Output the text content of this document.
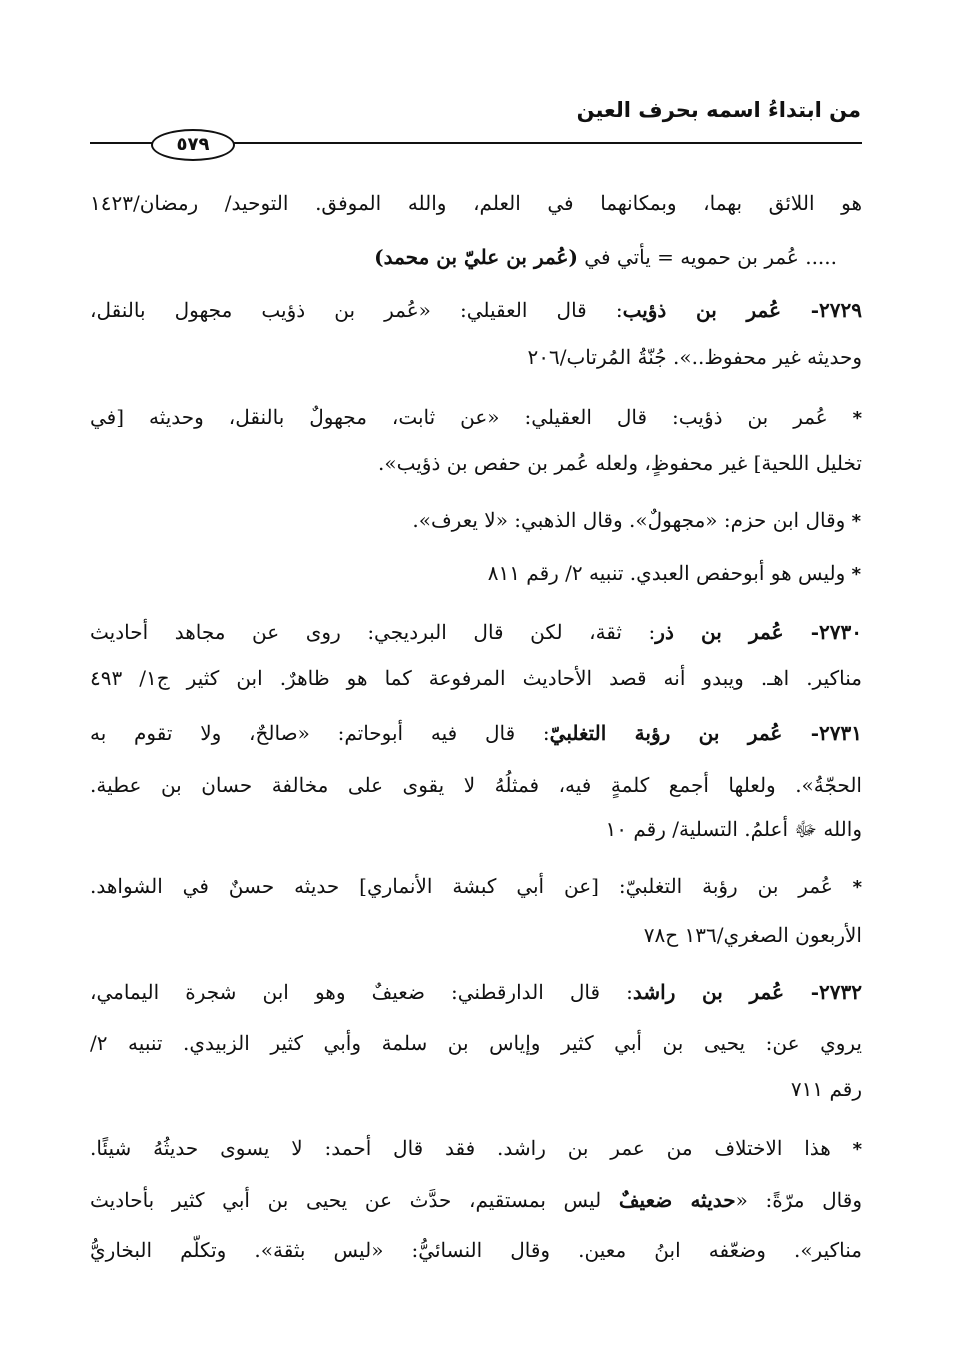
من ابتداءُ اسمه بحرف العين
٥٧٩
هو اللائق بهما، وبمكانهما في العلم، والله الموفق. التوحيد/ رمضان/١٤٢٣
..... عُمر بن حمويه = يأتي في (عُمر بن عليّ بن محمد)
٢٧٢٩- عُمر بن ذؤيب: قال العقيلي: «عُمر بن ذؤيب مجهول بالنقل،
وحديثه غير محفوظ..». جُنّةُ المُرتاب/٢٠٦
* عُمر بن ذؤيب: قال العقيلي: «عن ثابت، مجهولٌ بالنقل، وحديثه [في
تخليل اللحية] غير محفوظٍ، ولعله عُمر بن حفص بن ذؤيب».
* وقال ابن حزم: «مجهولٌ». وقال الذهبي: «لا يعرف».
* وليس هو أبوحفص العبدي. تنبيه ٢/ رقم ٨١١
٢٧٣٠- عُمر بن ذر: ثقة، لكن قال البرديجي: روى عن مجاهد أحاديث
مناكير. اهـ. ويبدو أنه قصد الأحاديث المرفوعة كما هو ظاهرٌ. ابن كثير ج١/ ٤٩٣
٢٧٣١- عُمر بن رؤبة التغلبيّ: قال فيه أبوحاتم: «صالحٌ، ولا تقوم به
الحجّةُ». ولعلها أجمع كلمةٍ فيه، فمثلُهُ لا يقوى على مخالفة حسان بن عطية.
والله ﷻ أعلمُ. التسلية/ رقم ١٠
* عُمر بن رؤبة التغلبيّ: [عن أبي كبشة الأنماري] حديثه حسنٌ في الشواهد.
الأربعون الصغري/١٣٦ ح٧٨
٢٧٣٢- عُمر بن راشد: قال الدارقطني: ضعيفٌ وهو ابن شجرة اليمامي،
يروي عن: يحيى بن أبي كثير وإياس بن سلمة وأبي كثير الزبيدي. تنبيه ٢/
رقم ٧١١
* هذا الاختلاف من عمر بن راشد. فقد قال أحمد: لا يسوى حديثُهُ شيئًا.
وقال مرّةً: «حديثه ضعيفٌ ليس بمستقيم، حدَّث عن يحيى بن أبي كثير بأحاديث
مناكير». وضعّفه ابنُ معين. وقال النسائيُّ: «ليس بثقة». وتكلّم البخاريُّ
